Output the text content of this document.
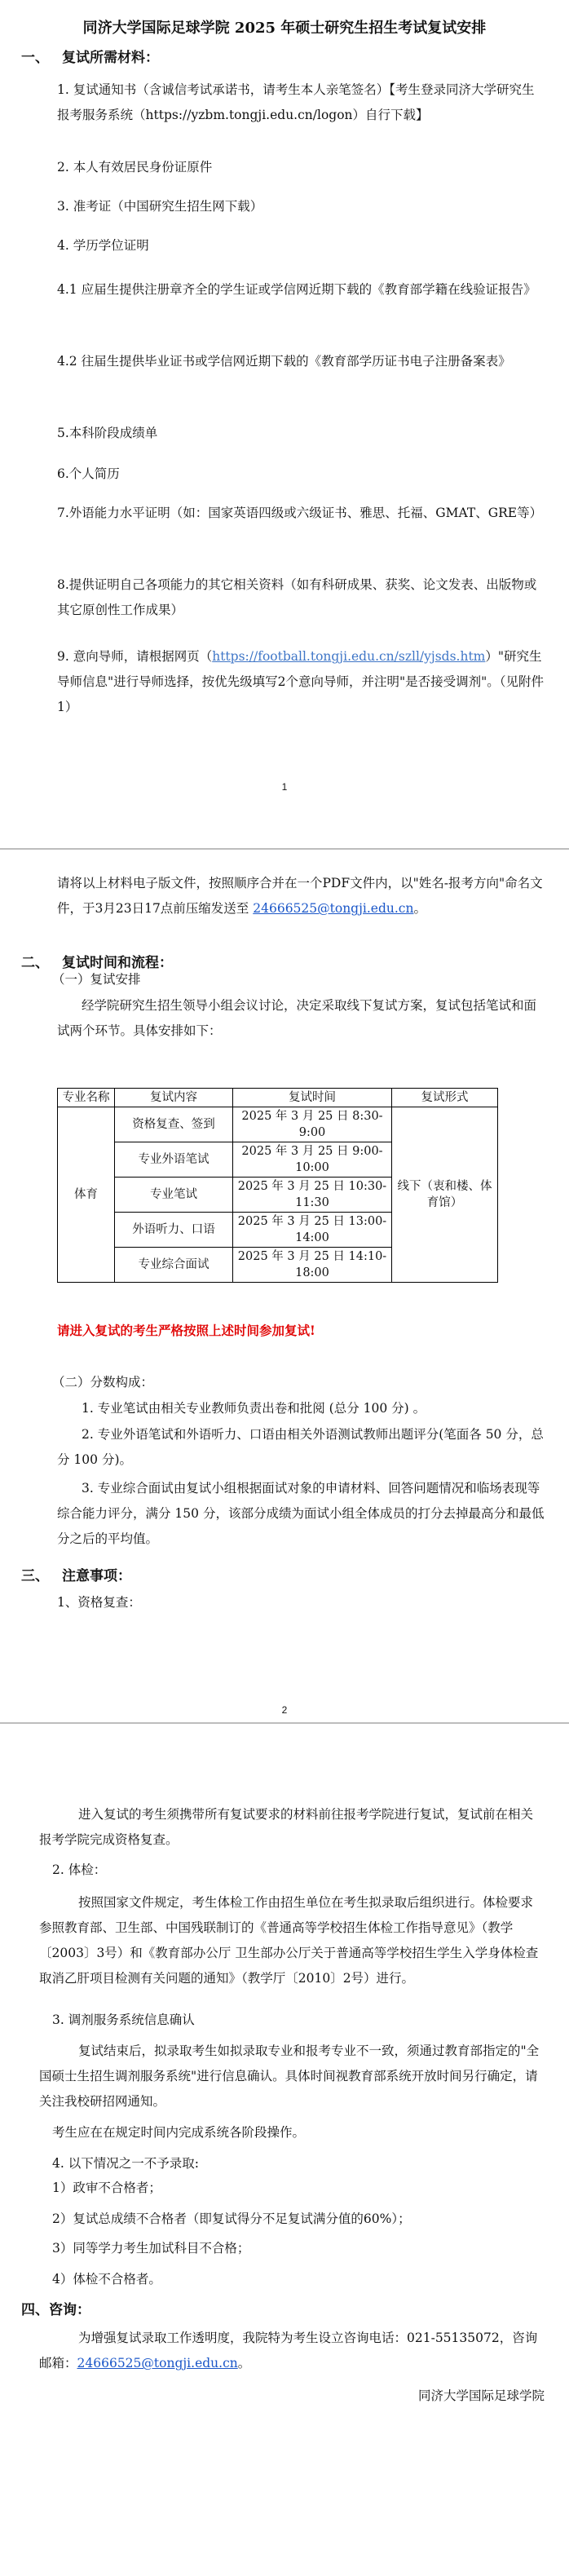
同济大学国际足球学院 2025 年硕士研究生招生考试复试安排
一、 复试所需材料：
1. 复试通知书（含诚信考试承诺书，请考生本人亲笔签名）【考生登录同济大学研究生报考服务系统（https://yzbm.tongji.edu.cn/logon）自行下载】
2. 本人有效居民身份证原件
3. 准考证（中国研究生招生网下载）
4. 学历学位证明
4.1 应届生提供注册章齐全的学生证或学信网近期下载的《教育部学籍在线验证报告》
4.2 往届生提供毕业证书或学信网近期下载的《教育部学历证书电子注册备案表》
5.本科阶段成绩单
6.个人简历
7.外语能力水平证明（如：国家英语四级或六级证书、雅思、托福、GMAT、GRE等）
8.提供证明自己各项能力的其它相关资料（如有科研成果、获奖、论文发表、出版物或其它原创性工作成果）
9. 意向导师，请根据网页（https://football.tongji.edu.cn/szll/yjsds.htm）"研究生导师信息"进行导师选择，按优先级填写2个意向导师，并注明"是否接受调剂"。（见附件1）
1
请将以上材料电子版文件，按照顺序合并在一个PDF文件内，以"姓名-报考方向"命名文件，于3月23日17点前压缩发送至 24666525@tongji.edu.cn。
二、 复试时间和流程：
（一）复试安排
经学院研究生招生领导小组会议讨论，决定采取线下复试方案，复试包括笔试和面试两个环节。具体安排如下：
专业名称	复试内容	复试时间	复试形式
体育	资格复查、签到	2025 年 3 月 25 日 8:30-9:00	线下（衷和楼、体育馆）
	专业外语笔试	2025 年 3 月 25 日 9:00-10:00	
	专业笔试	2025 年 3 月 25 日 10:30-11:30	
	外语听力、口语	2025 年 3 月 25 日 13:00-14:00	
	专业综合面试	2025 年 3 月 25 日 14:10-18:00	
请进入复试的考生严格按照上述时间参加复试!
（二）分数构成：
1. 专业笔试由相关专业教师负责出卷和批阅 (总分 100 分) 。
2. 专业外语笔试和外语听力、口语由相关外语测试教师出题评分(笔面各 50 分，总分 100 分)。
3. 专业综合面试由复试小组根据面试对象的申请材料、回答问题情况和临场表现等综合能力评分，满分 150 分，该部分成绩为面试小组全体成员的打分去掉最高分和最低分之后的平均值。
三、 注意事项：
1、资格复查：
2
进入复试的考生须携带所有复试要求的材料前往报考学院进行复试，复试前在相关报考学院完成资格复查。
2. 体检：
按照国家文件规定，考生体检工作由招生单位在考生拟录取后组织进行。体检要求参照教育部、卫生部、中国残联制订的《普通高等学校招生体检工作指导意见》（教学〔2003〕3号）和《教育部办公厅 卫生部办公厅关于普通高等学校招生学生入学身体检查取消乙肝项目检测有关问题的通知》（教学厅〔2010〕2号）进行。
3. 调剂服务系统信息确认
复试结束后，拟录取考生如拟录取专业和报考专业不一致，须通过教育部指定的"全国硕士生招生调剂服务系统"进行信息确认。具体时间视教育部系统开放时间另行确定，请关注我校研招网通知。
考生应在在规定时间内完成系统各阶段操作。
4. 以下情况之一不予录取:
1）政审不合格者；
2）复试总成绩不合格者（即复试得分不足复试满分值的60%）；
3）同等学力考生加试科目不合格；
4）体检不合格者。
四、咨询：
为增强复试录取工作透明度，我院特为考生设立咨询电话：021-55135072，咨询 邮箱：24666525@tongji.edu.cn。
同济大学国际足球学院
